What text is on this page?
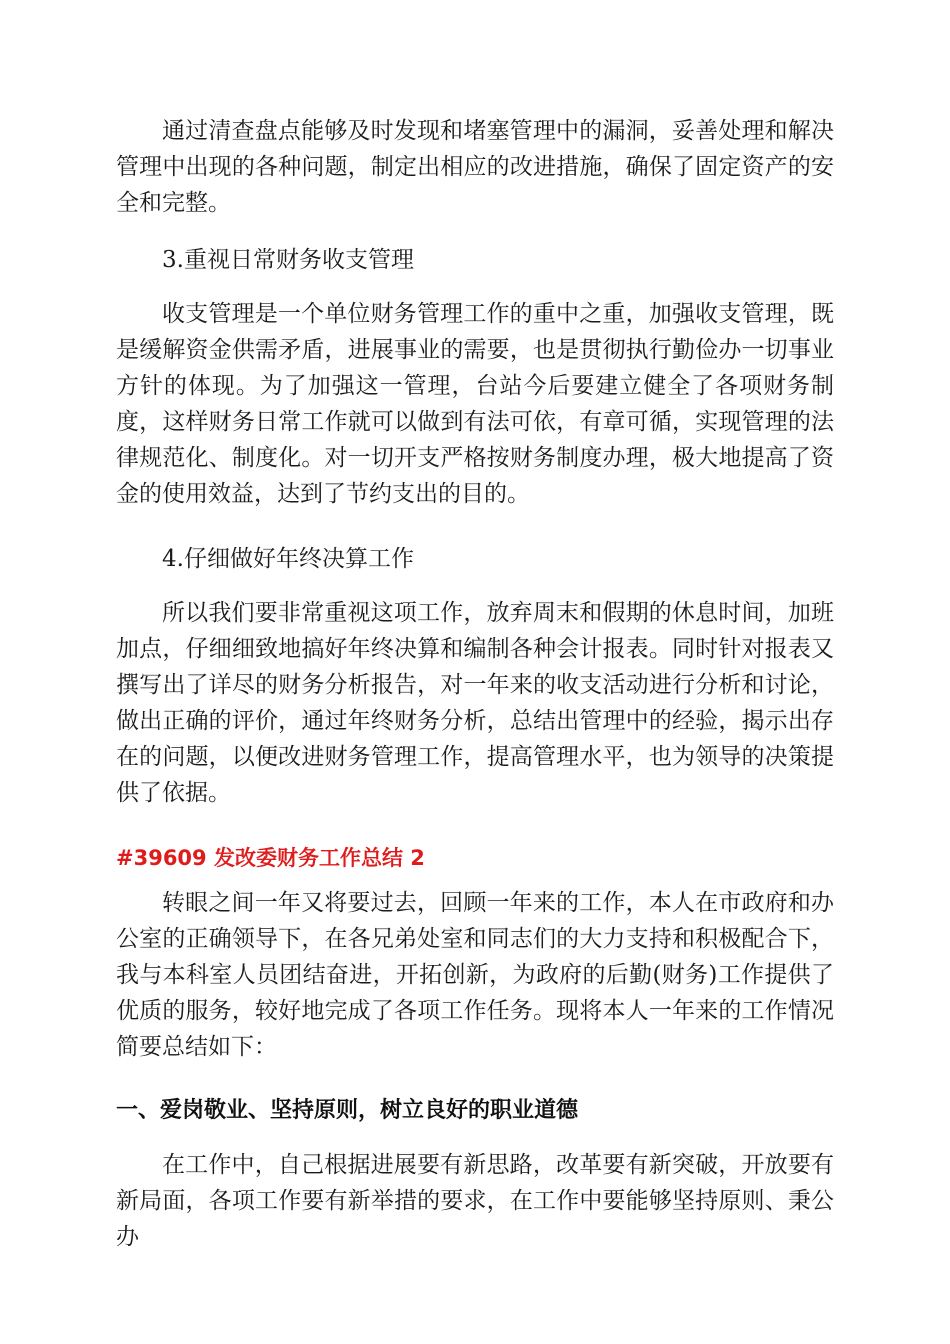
通过清查盘点能够及时发现和堵塞管理中的漏洞，妥善处理和解决管理中出现的各种问题，制定出相应的改进措施，确保了固定资产的安全和完整。

3.重视日常财务收支管理

收支管理是一个单位财务管理工作的重中之重，加强收支管理，既是缓解资金供需矛盾，进展事业的需要，也是贯彻执行勤俭办一切事业方针的体现。为了加强这一管理，台站今后要建立健全了各项财务制度，这样财务日常工作就可以做到有法可依，有章可循，实现管理的法律规范化、制度化。对一切开支严格按财务制度办理，极大地提高了资金的使用效益，达到了节约支出的目的。

4.仔细做好年终决算工作

所以我们要非常重视这项工作，放弃周末和假期的休息时间，加班加点，仔细细致地搞好年终决算和编制各种会计报表。同时针对报表又撰写出了详尽的财务分析报告，对一年来的收支活动进行分析和讨论，做出正确的评价，通过年终财务分析，总结出管理中的经验，揭示出存在的问题，以便改进财务管理工作，提高管理水平，也为领导的决策提供了依据。

#39609 发改委财务工作总结 2

转眼之间一年又将要过去，回顾一年来的工作，本人在市政府和办公室的正确领导下，在各兄弟处室和同志们的大力支持和积极配合下，我与本科室人员团结奋进，开拓创新，为政府的后勤(财务)工作提供了优质的服务，较好地完成了各项工作任务。现将本人一年来的工作情况简要总结如下：

一、爱岗敬业、坚持原则，树立良好的职业道德

在工作中，自己根据进展要有新思路，改革要有新突破，开放要有新局面，各项工作要有新举措的要求，在工作中要能够坚持原则、秉公办
